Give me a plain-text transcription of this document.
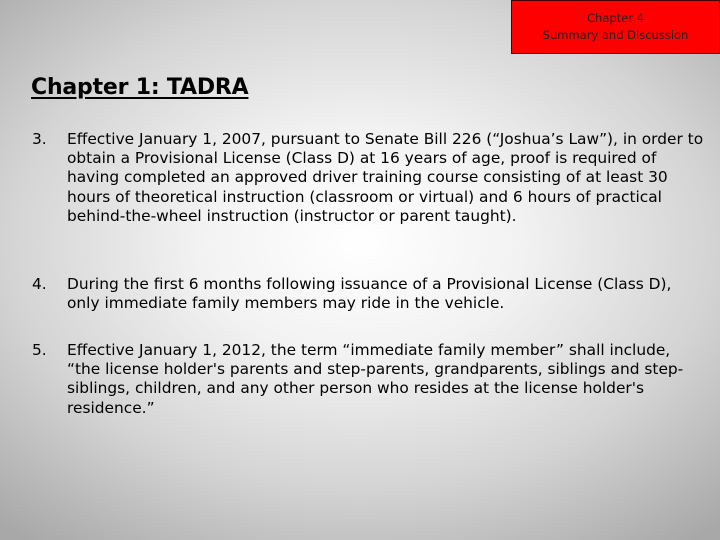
Chapter 4
Summary and Discussion
Chapter 1: TADRA
3.	Effective January 1, 2007, pursuant to Senate Bill 226 (“Joshua’s Law”), in order to obtain a Provisional License (Class D) at 16 years of age, proof is required of having completed an approved driver training course consisting of at least 30 hours of theoretical instruction (classroom or virtual) and 6 hours of practical behind-the-wheel instruction (instructor or parent taught).
4.	During the first 6 months following issuance of a Provisional License (Class D), only immediate family members may ride in the vehicle.
5.	Effective January 1, 2012, the term “immediate family member” shall include, “the license holder's parents and step-parents, grandparents, siblings and step-siblings, children, and any other person who resides at the license holder's residence.”
